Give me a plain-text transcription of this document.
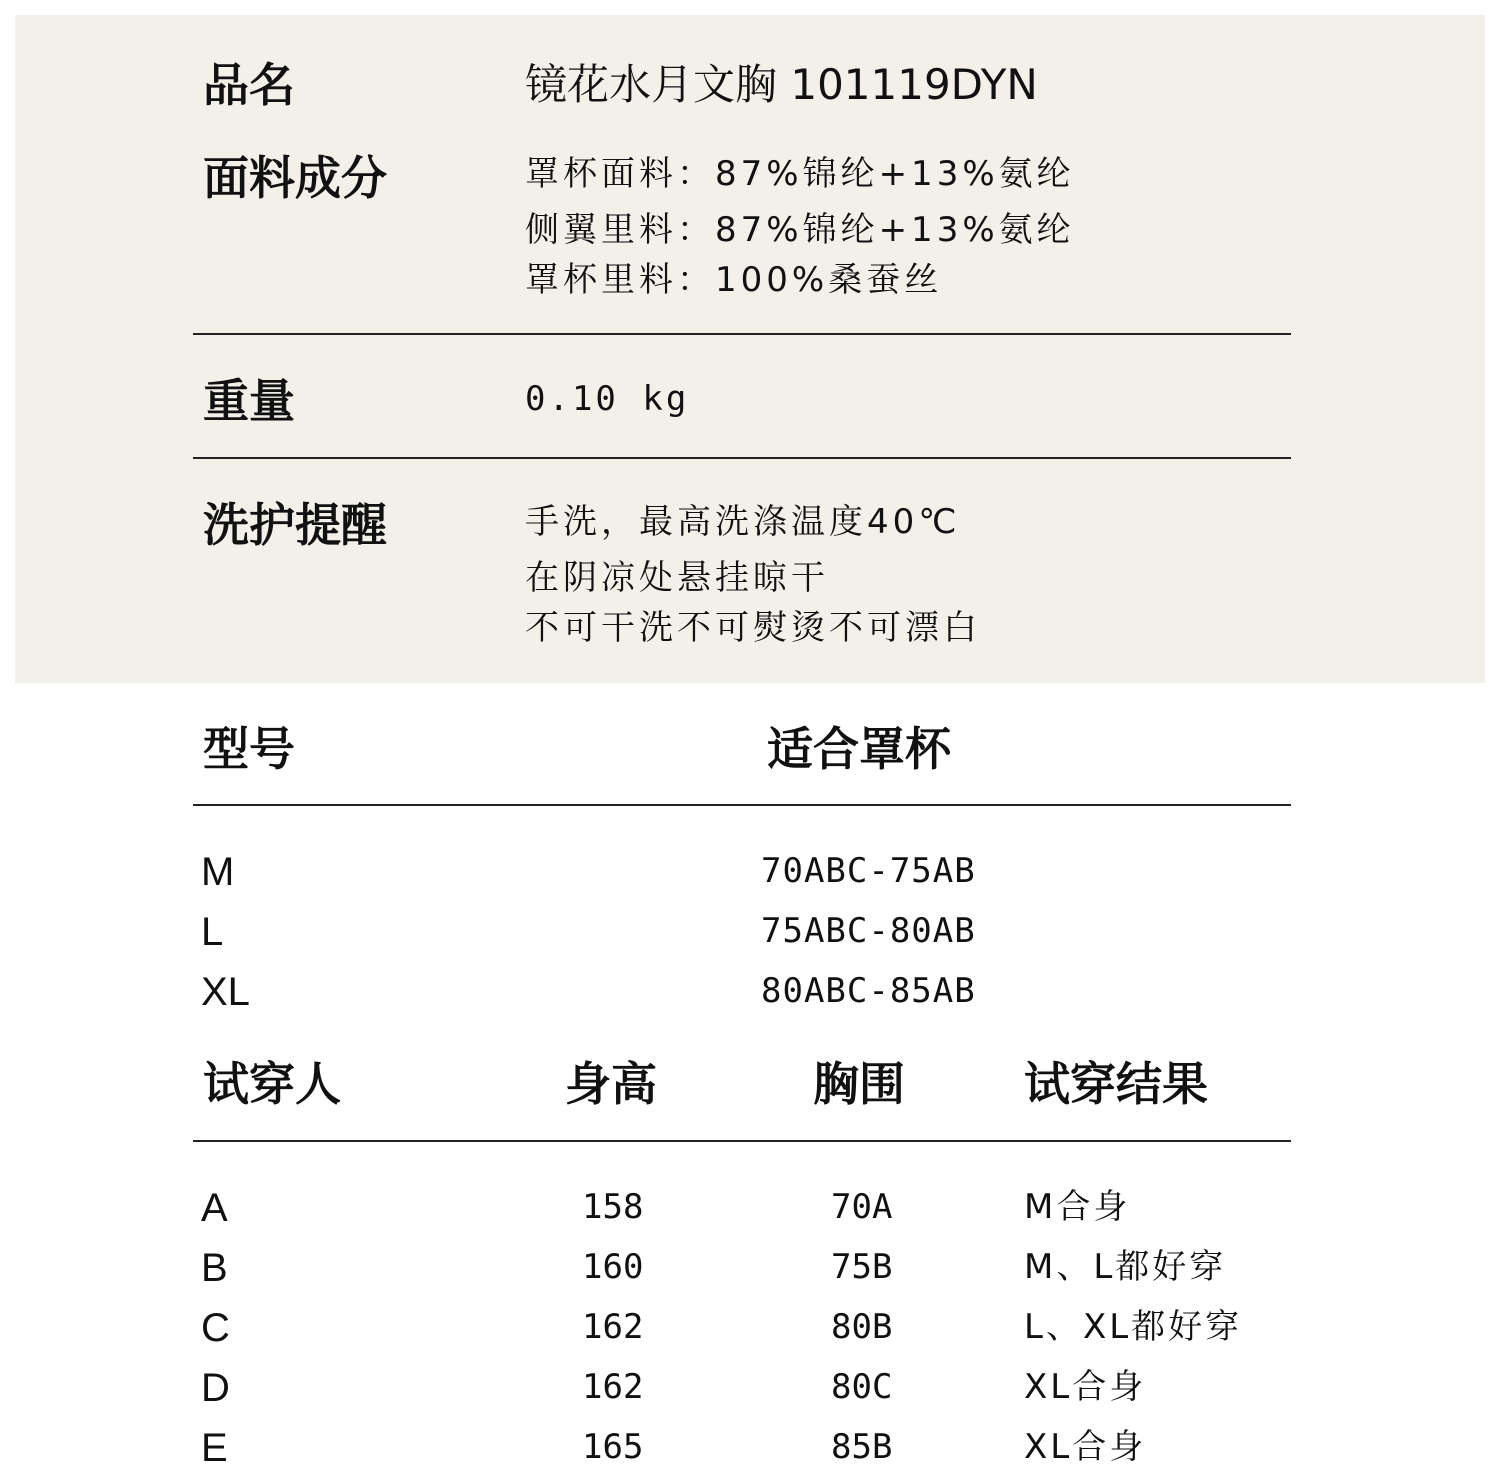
品名	镜花水月文胸 101119DYN
面料成分	罩杯面料：87%锦纶+13%氨纶
侧翼里料：87%锦纶+13%氨纶
罩杯里料：100%桑蚕丝
重量	0.10 kg
洗护提醒	手洗，最高洗涤温度40℃
在阴凉处悬挂晾干
不可干洗不可熨烫不可漂白
型号	适合罩杯
M	70ABC-75AB
L	75ABC-80AB
XL	80ABC-85AB
试穿人	身高	胸围	试穿结果
A	158	70A	M合身
B	160	75B	M、L都好穿
C	162	80B	L、XL都好穿
D	162	80C	XL合身
E	165	85B	XL合身
